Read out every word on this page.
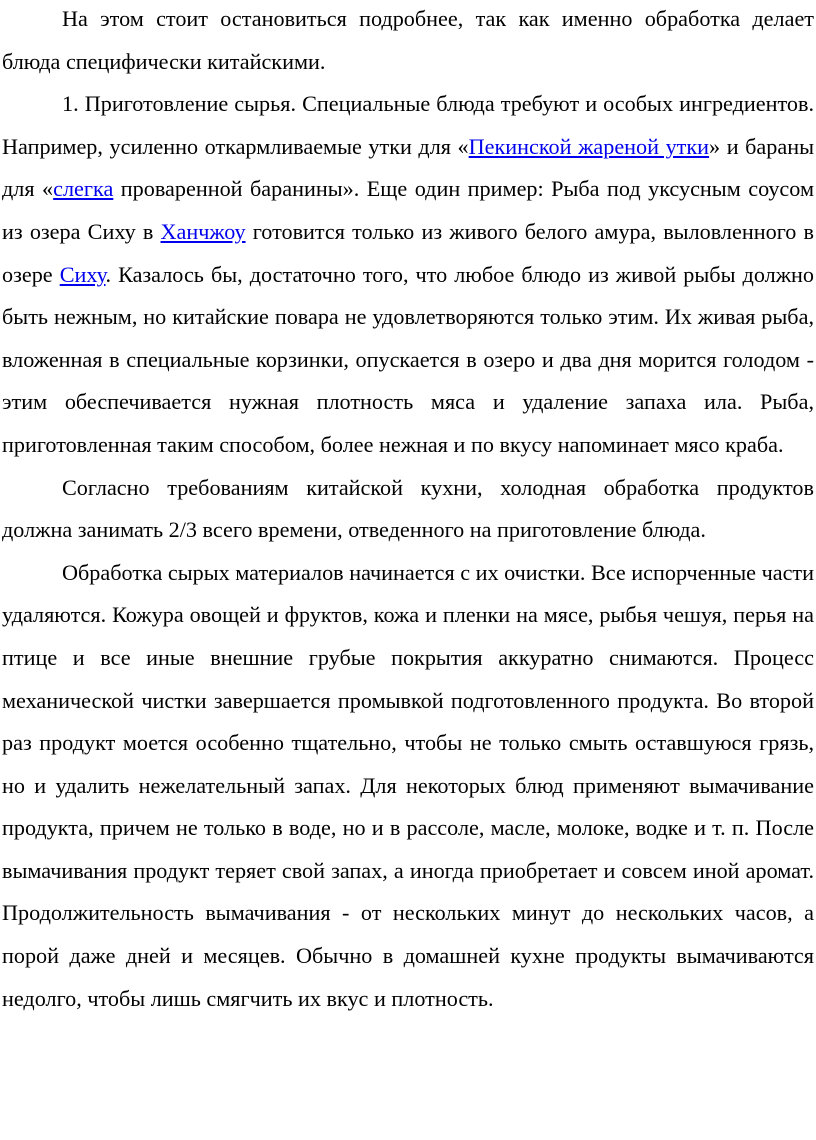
На этом стоит остановиться подробнее, так как именно обработка делает блюда специфически китайскими.

1. Приготовление сырья. Специальные блюда требуют и особых ингредиентов. Например, усиленно откармливаемые утки для «Пекинской жареной утки» и бараны для «слегка проваренной баранины». Еще один пример: Рыба под уксусным соусом из озера Сиху в Ханчжоу готовится только из живого белого амура, выловленного в озере Сиху. Казалось бы, достаточно того, что любое блюдо из живой рыбы должно быть нежным, но китайские повара не удовлетворяются только этим. Их живая рыба, вложенная в специальные корзинки, опускается в озеро и два дня морится голодом - этим обеспечивается нужная плотность мяса и удаление запаха ила. Рыба, приготовленная таким способом, более нежная и по вкусу напоминает мясо краба.

Согласно требованиям китайской кухни, холодная обработка продуктов должна занимать 2/3 всего времени, отведенного на приготовление блюда.

Обработка сырых материалов начинается с их очистки. Все испорченные части удаляются. Кожура овощей и фруктов, кожа и пленки на мясе, рыбья чешуя, перья на птице и все иные внешние грубые покрытия аккуратно снимаются. Процесс механической чистки завершается промывкой подготовленного продукта. Во второй раз продукт моется особенно тщательно, чтобы не только смыть оставшуюся грязь, но и удалить нежелательный запах. Для некоторых блюд применяют вымачивание продукта, причем не только в воде, но и в рассоле, масле, молоке, водке и т. п. После вымачивания продукт теряет свой запах, а иногда приобретает и совсем иной аромат. Продолжительность вымачивания - от нескольких минут до нескольких часов, а порой даже дней и месяцев. Обычно в домашней кухне продукты вымачиваются недолго, чтобы лишь смягчить их вкус и плотность.
